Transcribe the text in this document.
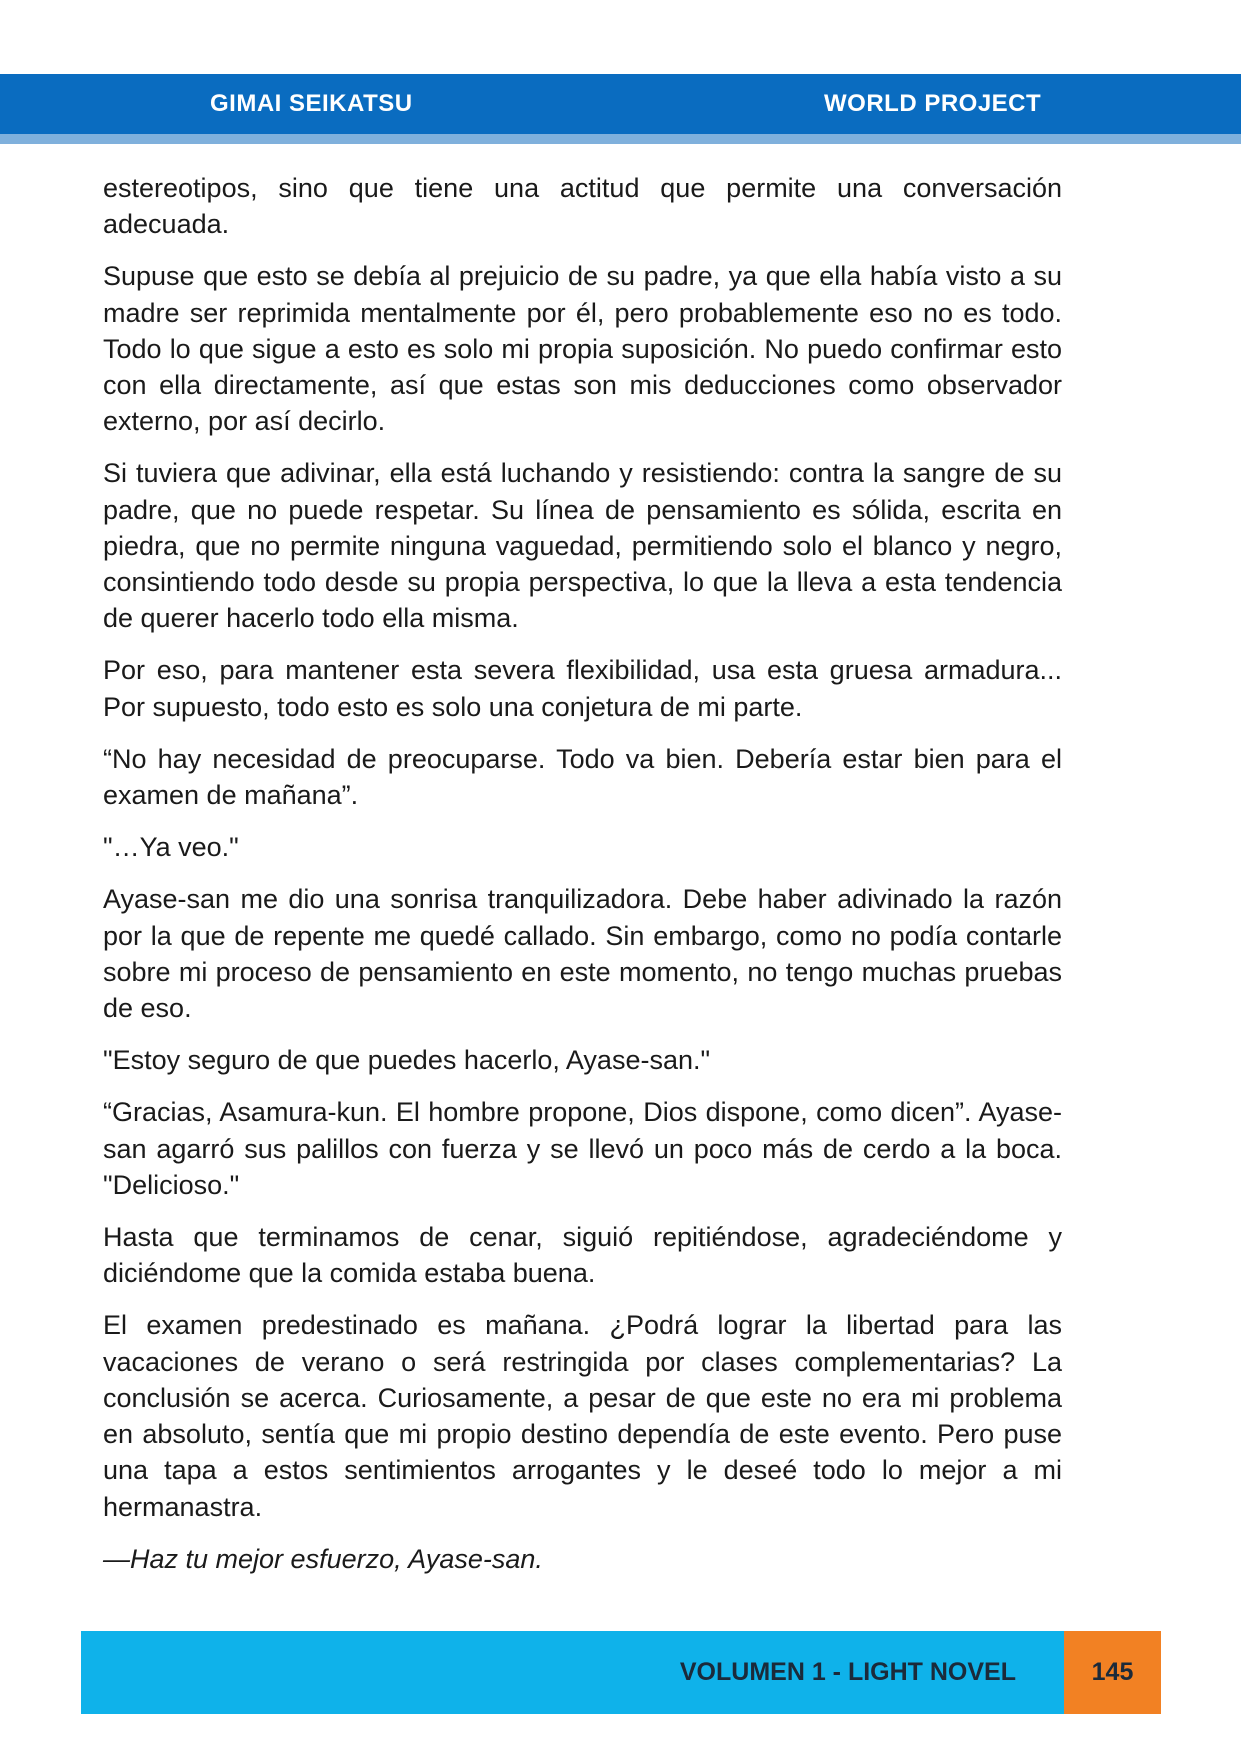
GIMAI SEIKATSU	WORLD PROJECT

estereotipos, sino que tiene una actitud que permite una conversación adecuada.

Supuse que esto se debía al prejuicio de su padre, ya que ella había visto a su madre ser reprimida mentalmente por él, pero probablemente eso no es todo. Todo lo que sigue a esto es solo mi propia suposición. No puedo confirmar esto con ella directamente, así que estas son mis deducciones como observador externo, por así decirlo.

Si tuviera que adivinar, ella está luchando y resistiendo: contra la sangre de su padre, que no puede respetar. Su línea de pensamiento es sólida, escrita en piedra, que no permite ninguna vaguedad, permitiendo solo el blanco y negro, consintiendo todo desde su propia perspectiva, lo que la lleva a esta tendencia de querer hacerlo todo ella misma.

Por eso, para mantener esta severa flexibilidad, usa esta gruesa armadura... Por supuesto, todo esto es solo una conjetura de mi parte.

“No hay necesidad de preocuparse. Todo va bien. Debería estar bien para el examen de mañana”.

"…Ya veo."

Ayase-san me dio una sonrisa tranquilizadora. Debe haber adivinado la razón por la que de repente me quedé callado. Sin embargo, como no podía contarle sobre mi proceso de pensamiento en este momento, no tengo muchas pruebas de eso.

"Estoy seguro de que puedes hacerlo, Ayase-san."

“Gracias, Asamura-kun. El hombre propone, Dios dispone, como dicen”. Ayase-san agarró sus palillos con fuerza y se llevó un poco más de cerdo a la boca. "Delicioso."

Hasta que terminamos de cenar, siguió repitiéndose, agradeciéndome y diciéndome que la comida estaba buena.

El examen predestinado es mañana. ¿Podrá lograr la libertad para las vacaciones de verano o será restringida por clases complementarias? La conclusión se acerca. Curiosamente, a pesar de que este no era mi problema en absoluto, sentía que mi propio destino dependía de este evento. Pero puse una tapa a estos sentimientos arrogantes y le deseé todo lo mejor a mi hermanastra.

—Haz tu mejor esfuerzo, Ayase-san.

VOLUMEN 1 - LIGHT NOVEL	145
